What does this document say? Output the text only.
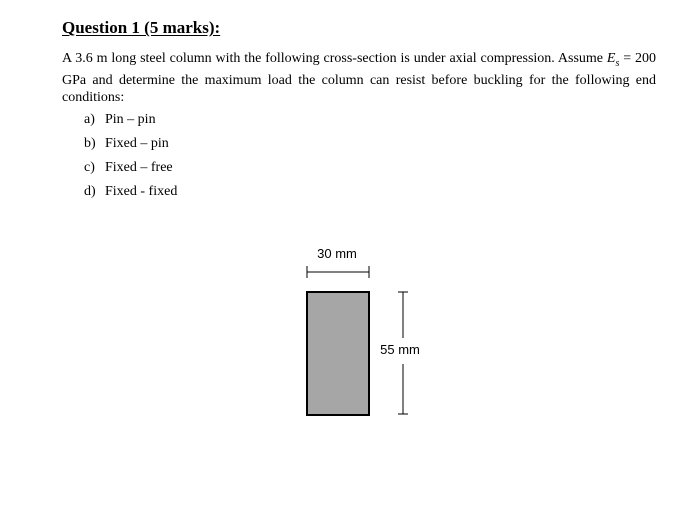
Question 1 (5 marks):
A 3.6 m long steel column with the following cross-section is under axial compression. Assume $E_s = 200$ GPa and determine the maximum load the column can resist before buckling for the following end conditions:
a) Pin – pin
b) Fixed – pin
c) Fixed – free
d) Fixed - fixed
30 mm
55 mm
